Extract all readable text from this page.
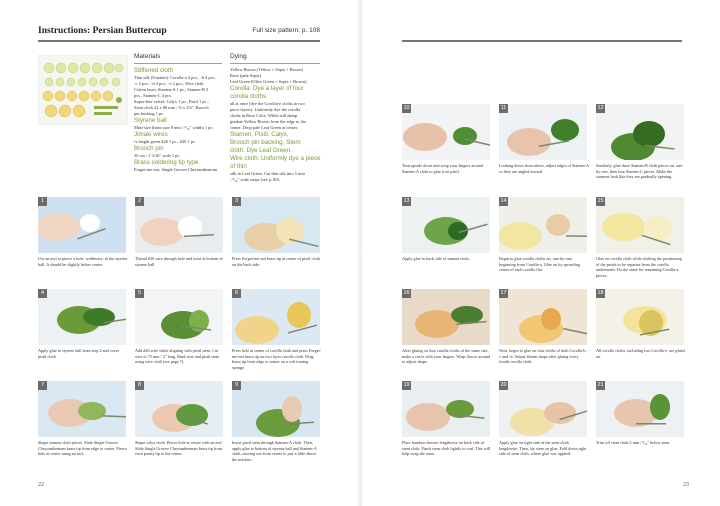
Instructions: Persian Buttercup	Full size pattern: p. 108
Materials
Stiffened cloth
Thin silk (Unabrie): Corolla-a 4 pcs., -b 4 pcs.,
-c 4 pcs., -d 4 pcs., -e 2 pcs., Wire cloth
Cotton lawn: Stamen-A 1 pc., Stamen-B 3
pcs., Stamen-C 4 pcs.
Super-fine velvet: Calyx 1 pc., Pistil 1 pc.,
Stem cloth 22 x 80 mm / ⅞ x 3⅛", Brooch
pin backing 1 pc.
Styrene ball
Mini-size (bean size 8 mm / ⁵⁄₁₆" width) 1 pc.
Jimaki wires
¼ length green #26 1 pc., #30 1 pc.
Brooch pin
30 cm / 1 3/16" wide 1 pc.
Brass soldering tip type
Forget-me-not, Single Groove Chrysanthemum
Dying
Yellow Brown (Yellow + Sepia + Brown)
Rose (pale Sepia)
Leaf Green (Olive Green + Sepia + Brown)
Corolla: Dye a layer of four corolla cloths
all at once (dye the Corolla-e cloths in two
piece layers). Uniformly dye the corolla
cloths in Rose Color. While still damp
gradate Yellow Brown from the edge to the
center. Drop pale Leaf Green at center.
Stamen, Pistil, Calyx,
Brooch pin backing, Stem
cloth: Dye Leaf Green.
Wire cloth: Uniformly dye a piece of thin
silk in Leaf Green. Cut thin silk into 5 mm
/ ³⁄₁₆" wide strips (see p. 80).
22	23
1
Use an awl to pierce a hole, widthwise, in the styrene ball. It should be slightly below center.
2
Thread #30 wire through hole and twist at bottom of styrene ball.
3
Press Forget-me-not brass tip at center of pistil cloth on the back side.
4
Apply glue to styrene ball from step 2 and cover pistil cloth.
5
Add #26 wire while aligning with pistil stem. Cut wire to 75 mm / 3" long. Bind wire and pistil stem using wire cloth (see page 7).
6
Press hole at center of corolla cloth and press Forget-me-not brass tip on two layer corolla cloth. Drag brass tip from edge to center on a soft ironing sponge.
7
Shape stamen cloth pieces. Slide Single Groove Chrysanthemum brass tip from edge to center. Pierce hole at center using an awl.
8
Shape calyx cloth. Pierce hole at center with an awl. Slide Single Groove Chrysanthemum brass tip from each pointy tip to the center.
9
Insert pistil stem through Stamen-A cloth. Then, apply glue to bottom of styrene ball and Stamen-A cloth, moving out from center to just a little above the notches.
10
Turn upside down and wrap your fingers around Stamen-A cloth to glue it on pistil.
11
Looking down from above, adjust edges of Stamen-A so they are angled inward.
12
Similarly, glue three Stamen-B cloth pieces on, one-by-one, then four Stamen-C pieces. Make the stamens look like they are gradually opening.
13
Apply glue to back side of stamen cloth.
14
Begin to glue corolla cloths on, one-by-one, beginning from Corolla-a. Glue on by spreading center of each corolla flat.
15
Glue on corolla cloth while shifting the positioning of the petals to be separate from the corolla underneath. Do the same for remaining Corolla-a pieces.
16
After gluing on four corolla cloths of the same size, make a circle with your fingers. Wrap flower around to adjust shape.
17
Next, begin to glue on four cloths of both Corolla-b, -c and -d. Adjust bloom shape after gluing every fourth corolla cloth.
18
All corolla cloths, including two Corolla-e, are glued on.
19
Place bamboo skewer lengthwise on back side of stem cloth. Pinch stem cloth lightly to curl. This will help wrap the stem.
20
Apply glue on right side of the stem cloth lengthwise. Then, lay stem on glue. Fold down right side of stem cloth, where glue was applied.
21
Trim off stem cloth 2 mm / ¹⁄₁₆" below stem.
